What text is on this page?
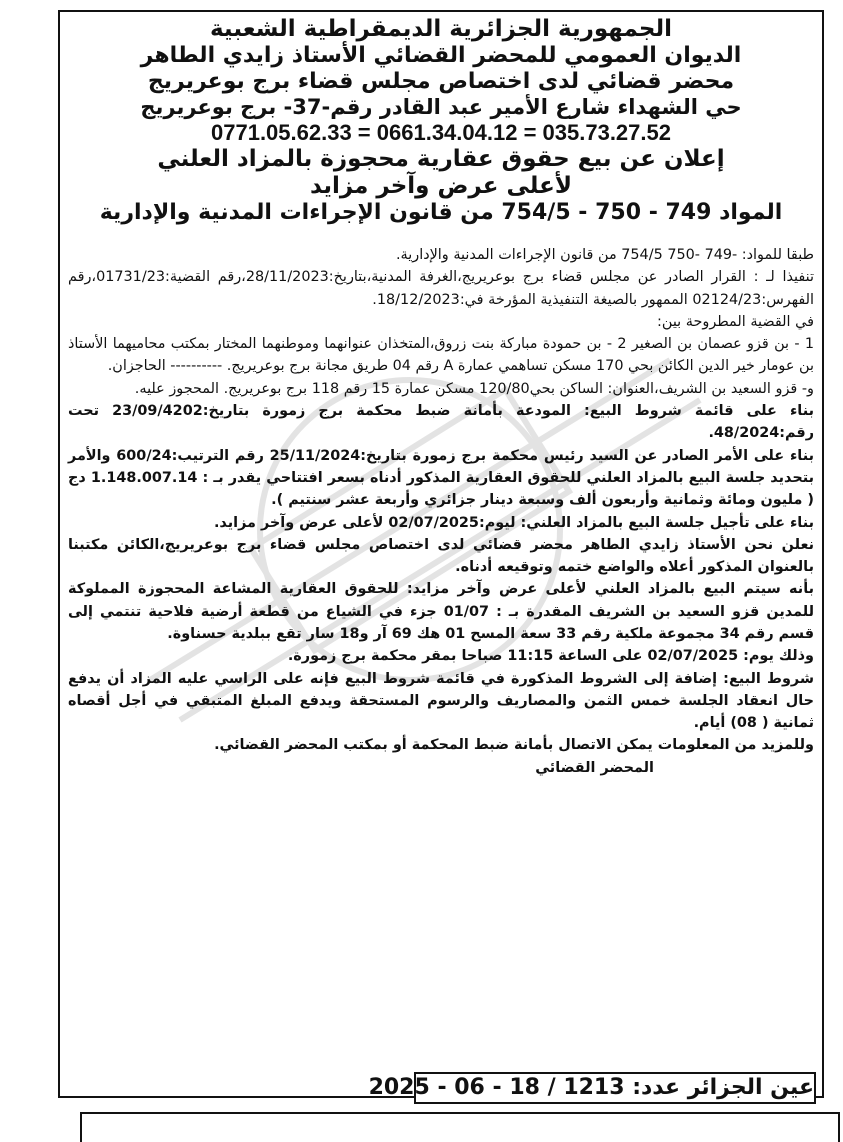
الجمهورية الجزائرية الديمقراطية الشعبية

الديوان العمومي للمحضر القضائي الأستاذ زايدي الطاهر

محضر قضائي لدى اختصاص مجلس قضاء برج بوعريريج

حي الشهداء شارع الأمير عبد القادر رقم-37- برج بوعريريج

0771.05.62.33 = 0661.34.04.12 = 035.73.27.52

إعلان عن بيع حقوق عقارية محجوزة بالمزاد العلني

لأعلى عرض وآخر مزايد

المواد 749 - 750 - 754/5 من قانون الإجراءات المدنية والإدارية

طبقا للمواد: -749 -750 754/5 من قانون الإجراءات المدنية والإدارية.

تنفيذا لـ : القرار الصادر عن مجلس قضاء برج بوعريريج،الغرفة المدنية،بتاريخ:28/11/2023،رقم القضية:01731/23،رقم الفهرس:02124/23 الممهور بالصيغة التنفيذية المؤرخة في:18/12/2023.

في القضية المطروحة بين:

1 - بن قزو عصمان بن الصغير 2 - بن حمودة مباركة بنت زروق،المتخذان عنوانهما وموطنهما المختار بمكتب محاميهما الأستاذ بن عومار خير الدين الكائن بحي 170 مسكن تساهمي عمارة A رقم 04 طريق مجانة برج بوعريريج. ---------- الحاجزان.

و- قزو السعيد بن الشريف،العنوان: الساكن بحي120/80 مسكن عمارة 15 رقم 118 برج بوعريريج. المحجوز عليه.

بناء على قائمة شروط البيع: المودعة بأمانة ضبط محكمة برج زمورة بتاريخ:23/09/4202 تحت رقم:48/2024.

بناء على الأمر الصادر عن السيد رئيس محكمة برج زمورة بتاريخ:25/11/2024 رقم الترتيب:600/24 والأمر بتحديد جلسة البيع بالمزاد العلني للحقوق العقارية المذكور أدناه بسعر افتتاحي يقدر بـ : 1.148.007.14 دج ( مليون ومائة وثمانية وأربعون ألف وسبعة دينار جزائري وأربعة عشر سنتيم ).

بناء على تأجيل جلسة البيع بالمزاد العلني: ليوم:02/07/2025 لأعلى عرض وآخر مزايد.

نعلن نحن الأستاذ زايدي الطاهر محضر قضائي لدى اختصاص مجلس قضاء برج بوعريريج،الكائن مكتبنا بالعنوان المذكور أعلاه والواضع ختمه وتوقيعه أدناه.

بأنه سيتم البيع بالمزاد العلني لأعلى عرض وآخر مزايد: للحقوق العقارية المشاعة المحجوزة المملوكة للمدين قزو السعيد بن الشريف المقدرة بـ : 01/07 جزء في الشياع من قطعة أرضية فلاحية تنتمي إلى قسم رقم 34 مجموعة ملكية رقم 33 سعة المسح 01 هك 69 آر و18 سار تقع ببلدية حسناوة.

وذلك يوم: 02/07/2025 على الساعة 11:15 صباحا بمقر محكمة برج زمورة.

شروط البيع: إضافة إلى الشروط المذكورة في قائمة شروط البيع فإنه على الراسي عليه المزاد أن يدفع حال انعقاد الجلسة خمس الثمن والمصاريف والرسوم المستحقة ويدفع المبلغ المتبقي في أجل أقصاه ثمانية ( 08) أيام.

وللمزيد من المعلومات يمكن الاتصال بأمانة ضبط المحكمة أو بمكتب المحضر القضائي.

المحضر القضائي

عين الجزائر عدد: 1213 / 18 - 06 - 2025
